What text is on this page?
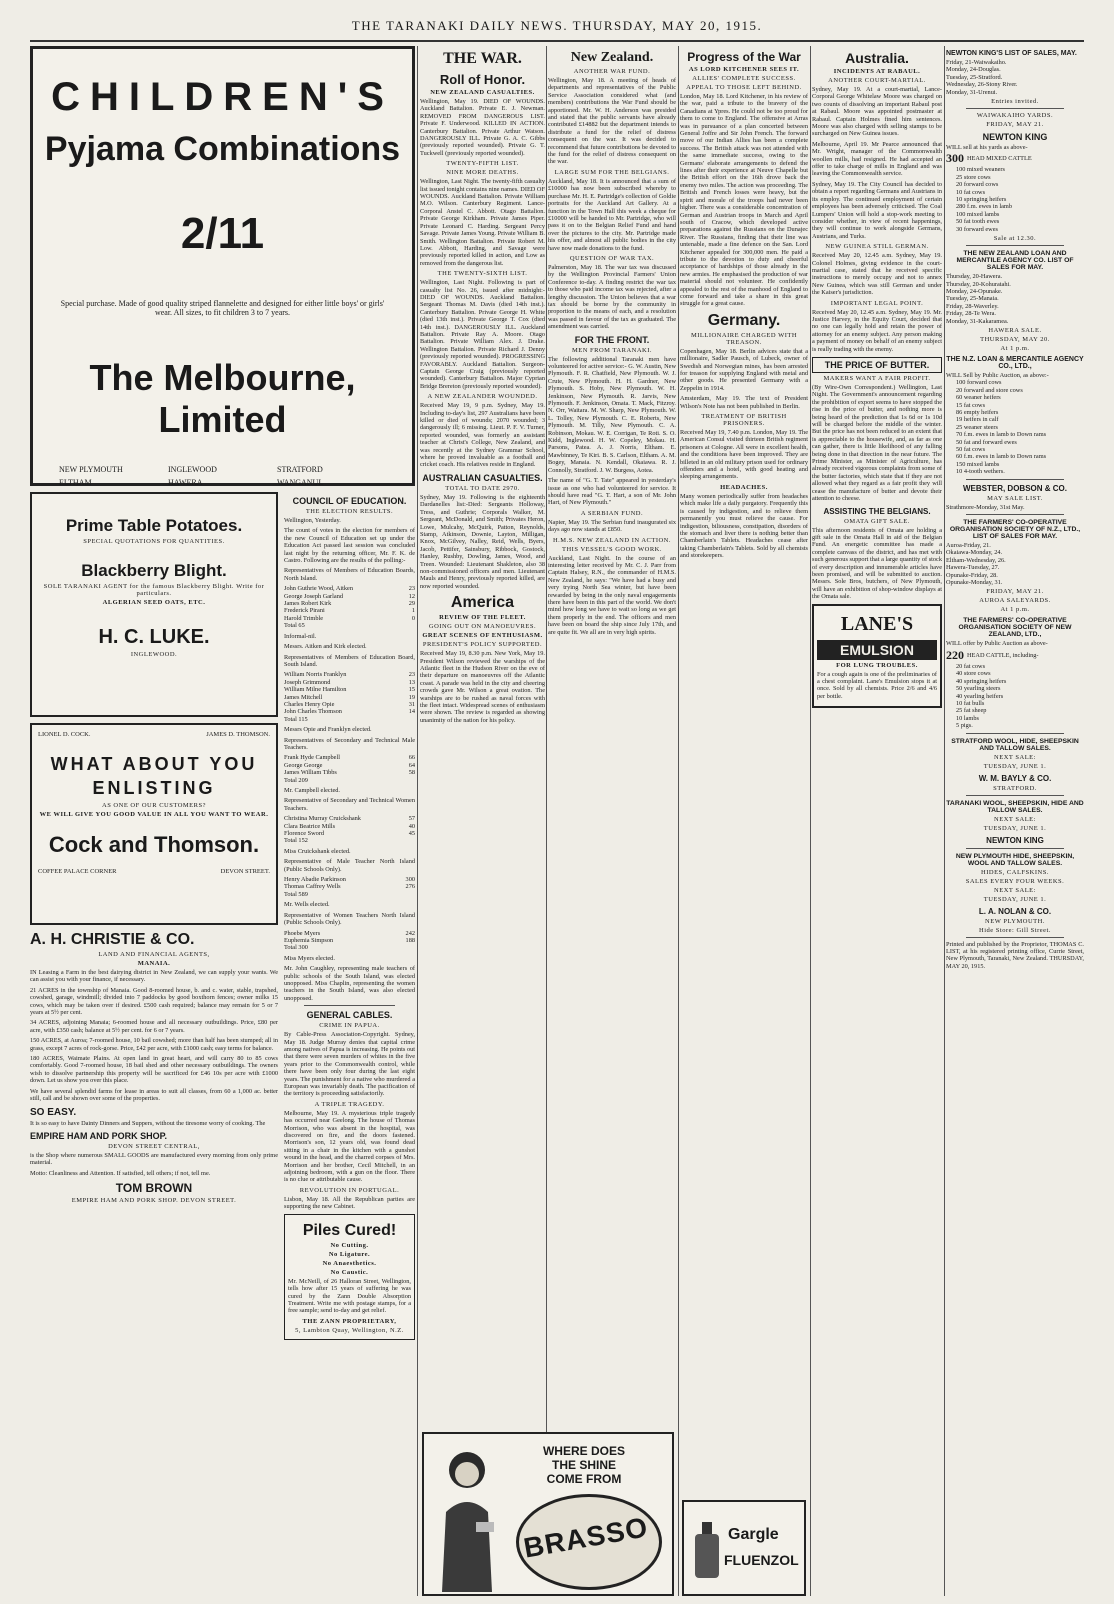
THE TARANAKI DAILY NEWS. THURSDAY, MAY 20, 1915.
CHILDREN'S
Pyjama Combinations
2/11
Special purchase. Made of good quality striped flannelette and designed for either little boys' or girls' wear. All sizes, to fit children 3 to 7 years.
The Melbourne, Limited
NEW PLYMOUTH	INGLEWOOD	STRATFORD
ELTHAM	HAWERA	WANGANUI.
Prime Table Potatoes.
SPECIAL QUOTATIONS FOR QUANTITIES.
Blackberry Blight.
SOLE TARANAKI AGENT for the famous Blackberry Blight. Write for particulars.
ALGERIAN SEED OATS, ETC.
H. C. LUKE.
INGLEWOOD.
LIONEL D. COCK.	JAMES D. THOMSON.
WHAT ABOUT YOU ENLISTING
AS ONE OF OUR CUSTOMERS?
WE WILL GIVE YOU GOOD VALUE IN ALL YOU WANT TO WEAR.
Cock and Thomson.
COFFEE PALACE CORNER	DEVON STREET.
A. H. CHRISTIE & CO.
LAND AND FINANCIAL AGENTS,
MANAIA.

IN Leasing a Farm in the best dairying district in New Zealand, we can supply your wants. We can assist you with your finance, if necessary.

21 ACRES in the township of Manaia. Good 8-roomed house, b. and c. water, stable, trapshed, cowshed, garage, windmill; divided into 7 paddocks by good boxthorn fences; owner milks 15 cows, which may be taken over if desired. £500 cash required; balance may remain for 5 or 7 years at 5½ per cent.

34 ACRES, adjoining Manaia; 6-roomed house and all necessary outbuildings. Price, £80 per acre, with £350 cash; balance at 5½ per cent. for 6 or 7 years.

150 ACRES, at Auroa; 7-roomed house, 10 bail cowshed; more than half has been stumped; all in grass, except 7 acres of rock-gorse. Price, £42 per acre, with £1000 cash; easy terms for balance.

180 ACRES, Waimate Plains. At open land in great heart, and will carry 80 to 85 cows comfortably. Good 7-roomed house, 18 bail shed and other necessary outbuildings. The owners wish to dissolve partnership this property will be sacrificed for £46 10s per acre with £1000 down. Let us show you over this place.

We have several splendid farms for lease in areas to suit all classes, from 60 a 1,000 ac. better still, call and be shown over some of the properties.

SO EASY.

It is so easy to have Dainty Dinners and Suppers, without the tiresome worry of cooking. The

EMPIRE HAM AND PORK SHOP.
DEVON STREET CENTRAL,

is the Shop where numerous SMALL GOODS are manufactured every morning from only prime material.

Motto: Cleanliness and Attention. If satisfied, tell others; if not, tell me.

TOM BROWN
EMPIRE HAM AND PORK SHOP. DEVON STREET.
COUNCIL OF EDUCATION.
THE ELECTION RESULTS.

Wellington, Yesterday.

The count of votes in the election for members of the new Council of Education set up under the Education Act passed last session was concluded last night by the returning officer, Mr. F. K. de Castro. Following are the results of the polling:-

Representatives of Members of Education Boards, North Island.

John Guthrie Wood, Aitken	23
George Joseph Garland	12
James Robert Kirk	29
Frederick Pirani	1
Harold Trimble	0

Total 65

Informal-nil.

Messrs. Aitken and Kirk elected.

Representatives of Members of Education Board, South Island.

William Norris Franklyn	23
Joseph Grimmond	13
William Milne Hamilton	15
James Mitchell	19
Charles Henry Opie	31
John Charles Thomson	14

Total 115

Messrs Opie and Franklyn elected.

Representatives of Secondary and Technical Male Teachers.

Frank Hyde Campbell	66
George George	64
James William Tibbs	58

Total 209

Mr. Campbell elected.

Representative of Secondary and Technical Women Teachers.

Christina Murray Cruickshank	57
Clara Beatrice Mills	40
Florence Sword	45

Total 152

Miss Cruickshank elected.

Representative of Male Teacher North Island (Public Schools Only).

Henry Abadie Parkinson	300
Thomas Caffrey Wells	276

Total 589

Mr. Wells elected.

Representative of Women Teachers North Island (Public Schools Only).

Phoebe Myers	242
Euphemia Simpson	188

Total 300

Miss Myers elected.

Mr. John Caughley, representing male teachers of public schools of the South Island, was elected unopposed. Miss Chaplin, representing the women teachers in the South Island, was also elected unopposed.

GENERAL CABLES.
CRIME IN PAPUA.

By Cable-Press Association-Copyright. Sydney, May 18. Judge Murray denies that capital crime among natives of Papua is increasing. He points out that there were seven murders of whites in the five years prior to the Commonwealth control, while there have been only four during the last eight years. The punishment for a native who murdered a European was invariably death. The pacification of the territory is proceeding satisfactorily.

A TRIPLE TRAGEDY.

Melbourne, May 19. A mysterious triple tragedy has occurred near Geelong. The house of Thomas Morrison, who was absent in the hospital, was discovered on fire, and the doors fastened. Morrison's son, 12 years old, was found dead sitting in a chair in the kitchen with a gunshot wound in the head, and the charred corpses of Mrs. Morrison and her brother, Cecil Mitchell, in an adjoining bedroom, with a gun on the floor. There is no clue or attributable cause.

REVOLUTION IN PORTUGAL.

Lisbon, May 18. All the Republican parties are supporting the new Cabinet.

Piles Cured!
No Cutting.
No Ligature.
No Anaesthetics.
No Caustic.

Mr. McNeill, of 26 Halloran Street, Wellington, tells how after 15 years of suffering he was cured by the Zann Double Absorption Treatment. Write me with postage stamps, for a free sample; send to-day and get relief.

THE ZANN PROPRIETARY,
5, Lambton Quay, Wellington, N.Z.
THE WAR.
Roll of Honor.
NEW ZEALAND CASUALTIES.

Wellington, May 19. DIED OF WOUNDS. Auckland Battalion. Private E. J. Newman. REMOVED FROM DANGEROUS LIST. Private F. Underwood. KILLED IN ACTION. Canterbury Battalion. Private Arthur Watson. DANGEROUSLY ILL. Private G. A. C. Gibbs (previously reported wounded). Private G. T. Tuckwell (previously reported wounded).

TWENTY-FIFTH LIST.
NINE MORE DEATHS.

Wellington, Last Night. The twenty-fifth casualty list issued tonight contains nine names. DIED OF WOUNDS. Auckland Battalion. Private William M.O. Wilson. Canterbury Regiment. Lance-Corporal Anstel C. Abbott. Otago Battalion. Private George Kirkham. Private James Piper. Private Leonard C. Harding. Sergeant Percy Savage. Private James Young. Private William B. Smith. Wellington Battalion. Private Robert M. Low. Abbott, Harding, and Savage were previously reported killed in action, and Low as removed from the dangerous list.

THE TWENTY-SIXTH LIST.

Wellington, Last Night. Following is part of casualty list No. 26, issued after midnight:- DIED OF WOUNDS. Auckland Battalion. Sergeant Thomas M. Davis (died 14th inst.). Canterbury Battalion. Private George H. White (died 13th inst.). Private George T. Cox (died 14th inst.). DANGEROUSLY ILL. Auckland Battalion. Private Ray A. Moore. Otago Battalion. Private William Alex. J. Drake. Wellington Battalion. Private Richard J. Denny (previously reported wounded). PROGRESSING FAVORABLY. Auckland Battalion. Surgeon-Captain George Craig (previously reported wounded). Canterbury Battalion. Major Cyprian Bridge Brereton (previously reported wounded).

A NEW ZEALANDER WOUNDED.

Received May 19, 9 p.m. Sydney, May 19. Including to-day's list, 297 Australians have been killed or died of wounds; 2070 wounded; 3 dangerously ill; 6 missing. Lieut. P. F. V. Turner, reported wounded, was formerly an assistant teacher at Christ's College, New Zealand, and was recently at the Sydney Grammar School, where he proved invaluable as a football and cricket coach. His relatives reside in England.

AUSTRALIAN CASUALTIES.
TOTAL TO DATE 2970.

Sydney, May 19. Following is the eighteenth Dardanelles list:-Died: Sergeants Holloway, Tress, and Guthrie; Corporals Walker, M. Sergeant, McDonald, and Smith; Privates Heron, Lowe, Mulcahy, McQuirk, Patton, Reynolds, Stamp, Atkinson, Downie, Layton, Milligan, Knox, McGilvey, Nalley, Reid, Wells, Byers, Jacob, Pettifer, Sainsbury, Ribbock, Gostock, Hanley, Rushby, Dowling, James, Wood, and Treen. Wounded: Lieutenant Shakleton, also 38 non-commissioned officers and men. Lieutenant Mauls and Henry, previously reported killed, are now reported wounded.

America
REVIEW OF THE FLEET.
GOING OUT ON MANOEUVRES.
GREAT SCENES OF ENTHUSIASM.
PRESIDENT'S POLICY SUPPORTED.

Received May 19, 8.30 p.m. New York, May 19. President Wilson reviewed the warships of the Atlantic fleet in the Hudson River on the eve of their departure on manoeuvres off the Atlantic coast. A parade was held in the city and cheering crowds gave Mr. Wilson a great ovation. The warships are to be rushed as naval forces with the fleet intact. Widespread scenes of enthusiasm were shown. The review is regarded as showing unanimity of the nation for his policy.

New Zealand.
ANOTHER WAR FUND.

Wellington, May 18. A meeting of heads of departments and representatives of the Public Service Association considered what (and members) contributions the War Fund should be apportioned. Mr. W. H. Anderson was presided and stated that the public servants have already contributed £14882 but the department intends to distribute a fund for the relief of distress consequent on the war. It was decided to recommend that future contributions be devoted to the fund for the relief of distress consequent on the war.

LARGE SUM FOR THE BELGIANS.

Auckland, May 18. It is announced that a sum of £10000 has now been subscribed whereby to purchase Mr. H. E. Partridge's collection of Goldie portraits for the Auckland Art Gallery. At a function in the Town Hall this week a cheque for £10000 will be handed to Mr. Partridge, who will pass it on to the Belgian Relief Fund and hand over the pictures to the city. Mr. Partridge made his offer, and almost all public bodies in the city have now made donations to the fund.

QUESTION OF WAR TAX.

Palmerston, May 18. The war tax was discussed by the Wellington Provincial Farmers' Union Conference to-day. A finding restrict the war tax to those who paid income tax was rejected, after a lengthy discussion. The Union believes that a war tax should be borne by the community in proportion to the means of each, and a resolution was passed in favour of the tax as graduated. The amendment was carried.

FOR THE FRONT.
MEN FROM TARANAKI.

The following additional Taranaki men have volunteered for active service:- G. W. Austin, New Plymouth. F. R. Chatfield, New Plymouth. W. J. Crute, New Plymouth. H. H. Gardner, New Plymouth. S. Hoby, New Plymouth. W. H. Jenkinson, New Plymouth. R. Jarvis, New Plymouth. F. Jenkinson, Omata. T. Mack, Fitzroy. N. Orr, Waitara. M. W. Sharp, New Plymouth. W. L. Tolley, New Plymouth. C. E. Roberts, New Plymouth. M. Tilly, New Plymouth. C. A. Robinson, Mokau. W. E. Corrigan, Te Roti. S. O. Kidd, Inglewood. H. W. Copeley, Mokau. H. Parsons, Patea. A. J. Norris, Eltham. E. Mawbinney, Te Kiri. B. S. Carlson, Eltham. A. M. Bogey, Manaia. N. Kendall, Okaiawa. R. J. Connolly, Stratford. J. W. Burgess, Aotea.

The name of "G. T. Tate" appeared in yesterday's issue as one who had volunteered for service. It should have read "G. T. Hart, a son of Mr. John Hart, of New Plymouth."

A SERBIAN FUND.

Napier, May 19. The Serbian fund inaugurated six days ago now stands at £850.

H.M.S. NEW ZEALAND IN ACTION.
THIS VESSEL'S GOOD WORK.

Auckland, Last Night. In the course of an interesting letter received by Mr. C. J. Parr from Captain Halsey, R.N., the commander of H.M.S. New Zealand, he says: "We have had a busy and very trying North Sea winter, but have been rewarded by being in the only naval engagements there have been in this part of the world. We don't mind how long we have to wait so long as we get them properly in the end. The officers and men have been on board the ship since July 17th, and are quite fit. We all are in very high spirits.

Progress of the War
AS LORD KITCHENER SEES IT.
ALLIES' COMPLETE SUCCESS.
APPEAL TO THOSE LEFT BEHIND.

London, May 18. Lord Kitchener, in his review of the war, paid a tribute to the bravery of the Canadians at Ypres. He could not be too proud for them to come to England. The offensive at Arras was in pursuance of a plan concerted between General Joffre and Sir John French. The forward move of our Indian Allies has been a complete success. The British attack was not attended with the same immediate success, owing to the Germans' elaborate arrangements to defend the lines after their experience at Neuve Chapelle but the British effort on the 16th drove back the enemy two miles. The action was proceeding. The British and French losses were heavy, but the spirit and morale of the troops had never been higher. There was a considerable concentration of German and Austrian troops in March and April south of Cracow, which developed active preparations against the Russians on the Dunajec River. The Russians, finding that their line was untenable, made a fine defence on the San. Lord Kitchener appealed for 300,000 men. He paid a tribute to the devotion to duty and cheerful acceptance of hardships of those already in the new armies. He emphasised the production of war material should not volunteer. He confidently appealed to the rest of the manhood of England to come forward and take a share in this great struggle for a great cause.

Germany.
MILLIONAIRE CHARGED WITH TREASON.

Copenhagen, May 18. Berlin advices state that a millionaire, Sadler Pausch, of Lubeck, owner of Swedish and Norwegian mines, has been arrested for treason for supplying England with metal and other goods. He presented Germany with a Zeppelin in 1914.

Amsterdam, May 19. The text of President Wilson's Note has not been published in Berlin.

TREATMENT OF BRITISH PRISONERS.

Received May 19, 7.40 p.m. London, May 19. The American Consul visited thirteen British regiment prisoners at Cologne. All were in excellent health, and the conditions have been improved. They are billeted in an old military prison used for ordinary offenders and a hotel, with good heating and sleeping arrangements.

HEADACHES.

Many women periodically suffer from headaches which make life a daily purgatory. Frequently this is caused by indigestion, and to relieve them permanently you must relieve the cause. For indigestion, biliousness, constipation, disorders of the stomach and liver there is nothing better than Chamberlain's Tablets. Headaches cease after taking Chamberlain's Tablets. Sold by all chemists and storekeepers.

WHERE DOES
THE SHINE
COME FROM
BRASSO	Gargle
FLUENZOL
Australia.
INCIDENTS AT RABAUL.
ANOTHER COURT-MARTIAL.

Sydney, May 19. At a court-martial, Lance-Corporal George Whitelaw Moore was charged on two counts of dissolving an important Rabaul post at Rabaul. Moore was appointed postmaster at Rabaul. Captain Holmes fined him sentences. Moore was also charged with selling stamps to be surcharged on New Guinea issues.

Melbourne, April 19. Mr Pearce announced that Mr. Wright, manager of the Commonwealth woollen mills, had resigned. He had accepted an offer to take charge of mills in England and was leaving the Commonwealth service.

Sydney, May 19. The City Council has decided to obtain a report regarding Germans and Austrians in its employ. The continued employment of certain employees has been adversely criticised. The Coal Lumpers' Union will hold a stop-work meeting to consider whether, in view of recent happenings, they will continue to work alongside Germans, Austrians, and Turks.

NEW GUINEA STILL GERMAN.

Received May 20, 12.45 a.m. Sydney, May 19. Colonel Holmes, giving evidence in the court-martial case, stated that he received specific instructions to merely occupy and not to annex New Guinea, which was still German and under the Kaiser's jurisdiction.

IMPORTANT LEGAL POINT.

Received May 20, 12.45 a.m. Sydney, May 19. Mr. Justice Harvey, in the Equity Court, decided that no one can legally hold and retain the power of attorney for an enemy subject. Any person making a payment of money on behalf of an enemy subject is really trading with the enemy.

THE PRICE OF BUTTER.
MAKERS WANT A FAIR PROFIT.

(By Wire-Own Correspondent.) Wellington, Last Night. The Government's announcement regarding the prohibition of export seems to have stopped the rise in the price of butter, and nothing more is being heard of the prediction that 1s 6d or 1s 10d will be charged before the middle of the winter. But the price has not been reduced to an extent that is appreciable to the housewife, and, as far as one can gather, there is little likelihood of any falling being done in that direction in the near future. The Prime Minister, as Minister of Agriculture, has already received vigorous complaints from some of the butter factories, which state that if they are not allowed what they regard as a fair profit they will cease the manufacture of butter and devote their attention to cheese.

ASSISTING THE BELGIANS.
OMATA GIFT SALE.

This afternoon residents of Omata are holding a gift sale in the Omata Hall in aid of the Belgian Fund. An energetic committee has made a complete canvass of the district, and has met with such generous support that a large quantity of stock of every description and innumerable articles have been promised, and will be submitted to auction. Messrs. Sole Bros, butchers, of New Plymouth, will have an exhibition of shop-window displays at the Omata sale.

LANE'S
EMULSION
FOR LUNG TROUBLES.

For a cough again is one of the preliminaries of a chest complaint. Lane's Emulsion stops it at once. Sold by all chemists. Price 2/6 and 4/6 per bottle.

NEWTON KING'S LIST OF SALES, MAY.

Friday, 21-Waiwakaiho.

Monday, 24-Douglas.

Tuesday, 25-Stratford.

Wednesday, 26-Stony River.

Monday, 31-Urenui.

Entries invited.
WAIWAKAIHO YARDS.
FRIDAY, MAY 21.
NEWTON KING

WILL sell at his yards as above-

300 HEAD MIXED CATTLE

100 mixed weaners

25 store cows

20 forward cows

10 fat cows

10 springing heifers

280 f.m. ewes in lamb

100 mixed lambs

50 fat tooth ewes

30 forward ewes

Sale at 12.30.
THE NEW ZEALAND LOAN AND MERCANTILE AGENCY CO. LIST OF SALES FOR MAY.

Thursday, 20-Hawera.

Thursday, 20-Kohuratahi.

Monday, 24-Opunake.

Tuesday, 25-Manaia.

Friday, 28-Waverley.

Friday, 28-Te Wera.

Monday, 31-Kakaramea.

HAWERA SALE.
THURSDAY, MAY 20.
At 1 p.m.
THE N.Z. LOAN & MERCANTILE AGENCY CO., LTD.,

WILL Sell by Public Auction, as above:-

100 forward cows

20 forward and store cows

60 weaner heifers

15 fat cows

86 empty heifers

19 heifers in calf

25 weaner steers

70 f.m. ewes in lamb to Down rams

50 fat and forward ewes

50 fat cows

60 f.m. ewes in lamb to Down rams

150 mixed lambs

10 4-tooth wethers.

WEBSTER, DOBSON & CO.
MAY SALE LIST.

Strathmore-Monday, 31st May.

THE FARMERS' CO-OPERATIVE ORGANISATION SOCIETY OF N.Z., LTD., LIST OF SALES FOR MAY.

Auroa-Friday, 21.

Okaiawa-Monday, 24.

Eltham-Wednesday, 26.

Hawera-Tuesday, 27.

Opunake-Friday, 28.

Opunake-Monday, 31.

FRIDAY, MAY 21.
AUROA SALEYARDS.
At 1 p.m.
THE FARMERS' CO-OPERATIVE ORGANISATION SOCIETY OF NEW ZEALAND, LTD.,

WILL offer by Public Auction as above-

220 HEAD CATTLE, including-

20 fat cows

40 store cows

40 springing heifers

50 yearling steers

40 yearling heifers

10 fat bulls

25 fat sheep

10 lambs

5 pigs.

STRATFORD WOOL, HIDE, SHEEPSKIN AND TALLOW SALES.
NEXT SALE:
TUESDAY, JUNE 1.
W. M. BAYLY & CO.
STRATFORD.
TARANAKI WOOL, SHEEPSKIN, HIDE AND TALLOW SALES.
NEXT SALE:
TUESDAY, JUNE 1.
NEWTON KING
NEW PLYMOUTH HIDE, SHEEPSKIN, WOOL AND TALLOW SALES.
HIDES, CALFSKINS.
SALES EVERY FOUR WEEKS.
NEXT SALE:
TUESDAY, JUNE 1.
L. A. NOLAN & CO.
NEW PLYMOUTH.
Hide Store: Gill Street.

Printed and published by the Proprietor, THOMAS C. LIST, at his registered printing office, Currie Street, New Plymouth, Taranaki, New Zealand. THURSDAY, MAY 20, 1915.
